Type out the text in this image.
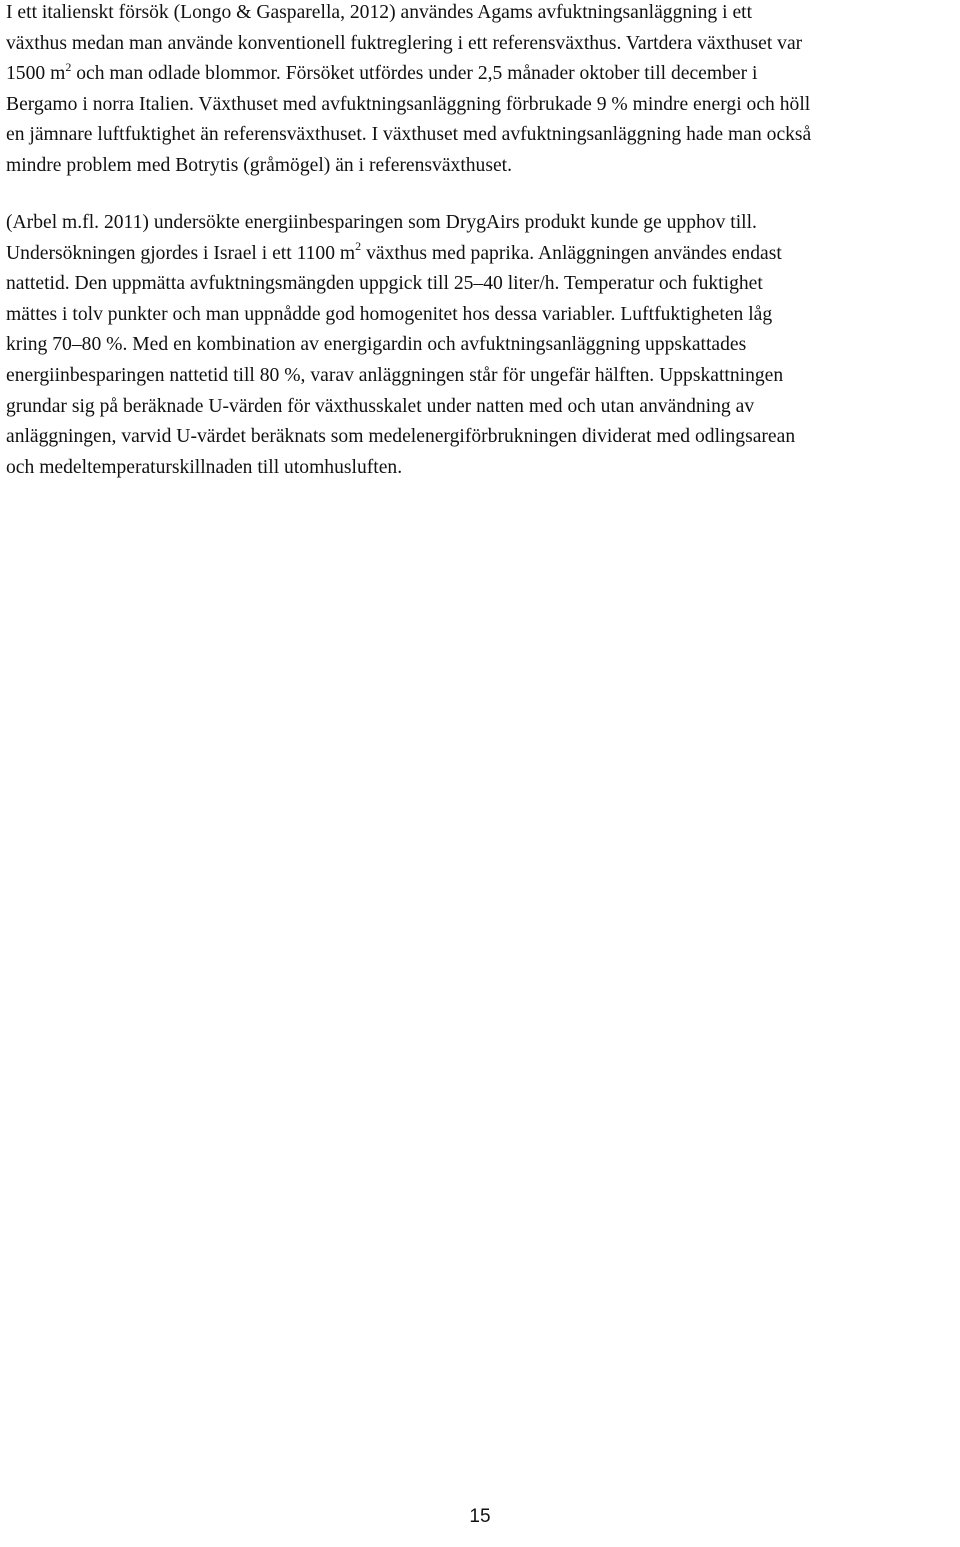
I ett italienskt försök (Longo & Gasparella, 2012) användes Agams avfuktningsanläggning i ett
växthus medan man använde konventionell fuktreglering i ett referensväxthus. Vartdera växthuset var
1500 $m^2$ och man odlade blommor. Försöket utfördes under 2,5 månader oktober till december i
Bergamo i norra Italien. Växthuset med avfuktningsanläggning förbrukade 9 % mindre energi och höll
en jämnare luftfuktighet än referensväxthuset. I växthuset med avfuktningsanläggning hade man också
mindre problem med Botrytis (gråmögel) än i referensväxthuset.

(Arbel m.fl. 2011) undersökte energiinbesparingen som DrygAirs produkt kunde ge upphov till.
Undersökningen gjordes i Israel i ett 1100 $m^2$ växthus med paprika. Anläggningen användes endast
nattetid. Den uppmätta avfuktningsmängden uppgick till 25–40 liter/h. Temperatur och fuktighet
mättes i tolv punkter och man uppnådde god homogenitet hos dessa variabler. Luftfuktigheten låg
kring 70–80 %. Med en kombination av energigardin och avfuktningsanläggning uppskattades
energiinbesparingen nattetid till 80 %, varav anläggningen står för ungefär hälften. Uppskattningen
grundar sig på beräknade U-värden för växthusskalet under natten med och utan användning av
anläggningen, varvid U-värdet beräknats som medelenergiförbrukningen dividerat med odlingsarean
och medeltemperaturskillnaden till utomhusluften.

15
